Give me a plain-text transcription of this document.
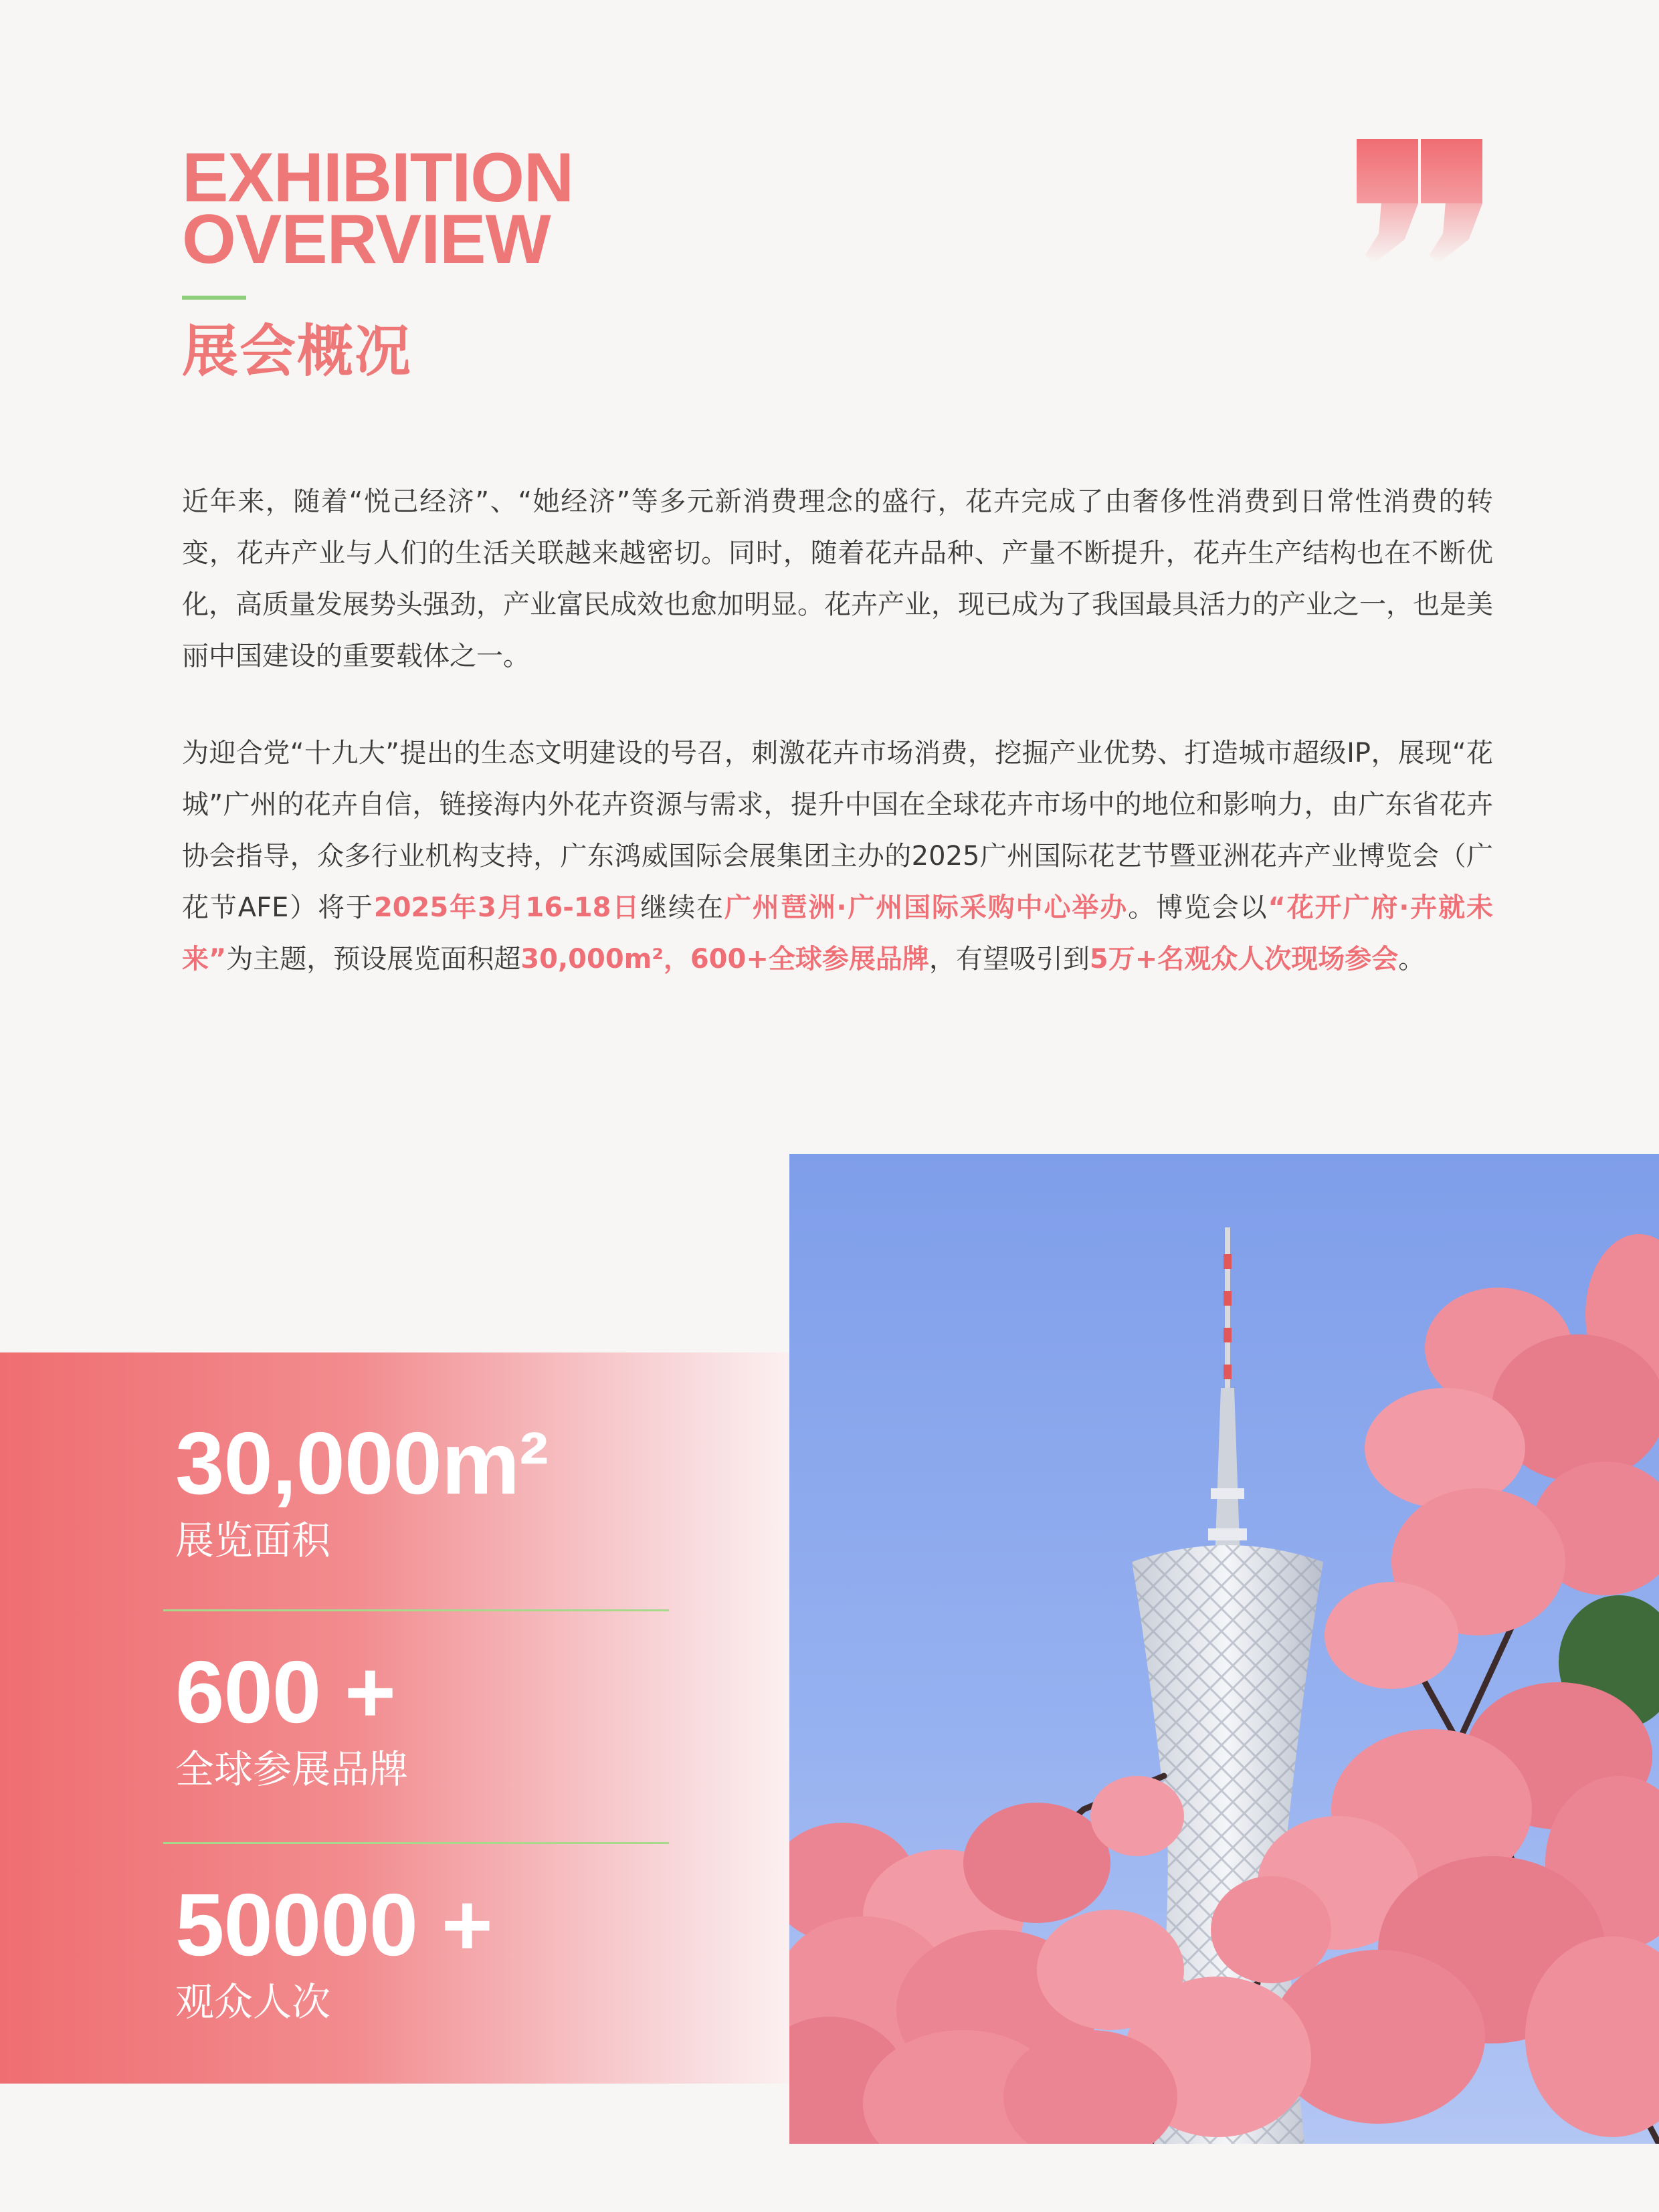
EXHIBITION
OVERVIEW
展会概况

近年来，随着“悦己经济”、“她经济”等多元新消费理念的盛行，花卉完成了由奢侈性消费到日常性消费的转变，花卉产业与人们的生活关联越来越密切。同时，随着花卉品种、产量不断提升，花卉生产结构也在不断优化，高质量发展势头强劲，产业富民成效也愈加明显。花卉产业，现已成为了我国最具活力的产业之一，也是美丽中国建设的重要载体之一。

为迎合党“十九大”提出的生态文明建设的号召，刺激花卉市场消费，挖掘产业优势、打造城市超级IP，展现“花城”广州的花卉自信，链接海内外花卉资源与需求，提升中国在全球花卉市场中的地位和影响力，由广东省花卉协会指导，众多行业机构支持，广东鸿威国际会展集团主办的2025广州国际花艺节暨亚洲花卉产业博览会（广花节AFE）将于2025年3月16-18日继续在广州琶洲·广州国际采购中心举办。博览会以“花开广府·卉就未来”为主题，预设展览面积超30,000m²，600+全球参展品牌，有望吸引到5万+名观众人次现场参会。

30,000m²
展览面积
600 +
全球参展品牌
50000 +
观众人次
